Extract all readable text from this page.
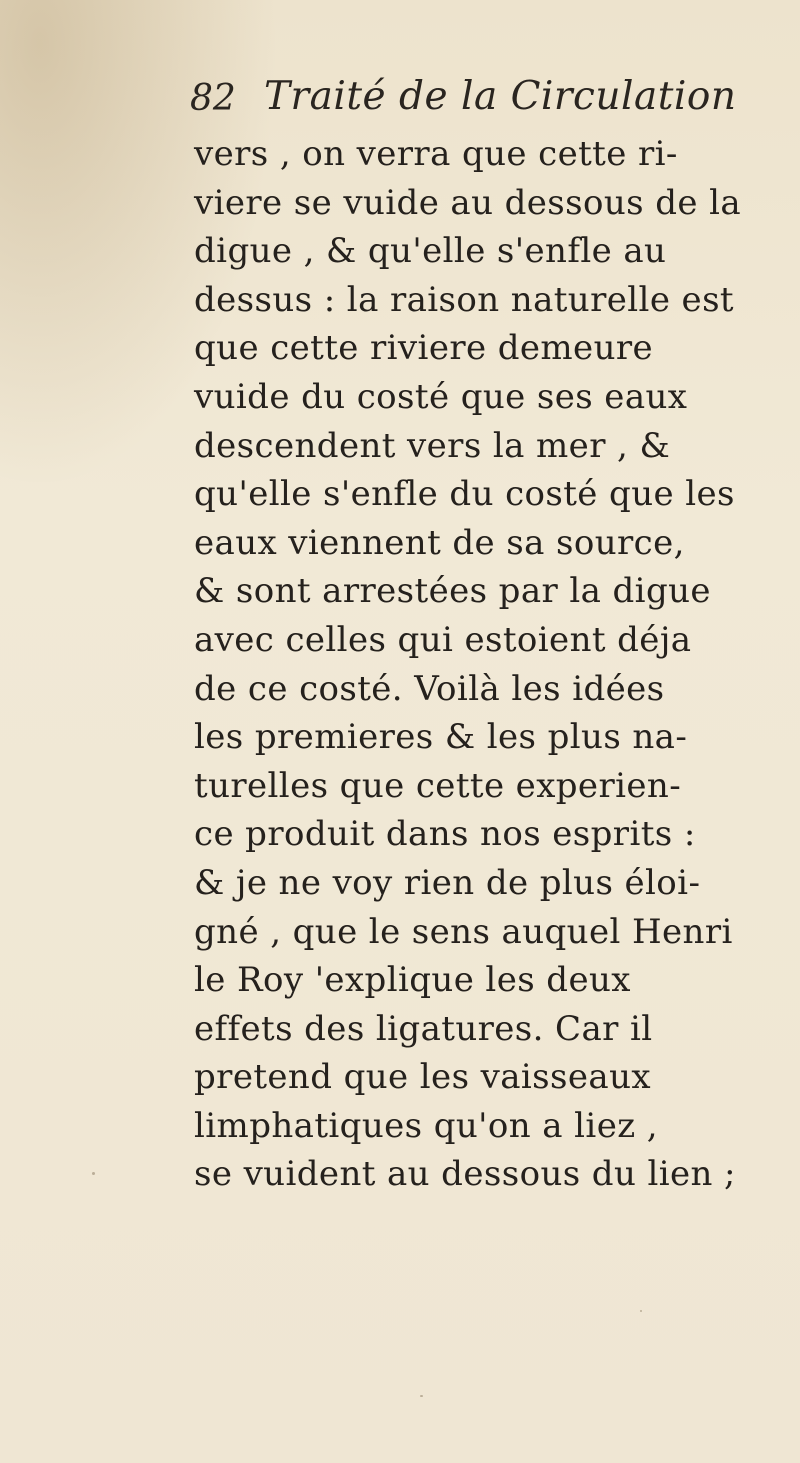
82 Traité de la Circulation
vers , on verra que cette ri-
viere se vuide au dessous de la
digue , & qu'elle s'enfle au
dessus : la raison naturelle est
que cette riviere demeure
vuide du costé que ses eaux
descendent vers la mer , &
qu'elle s'enfle du costé que les
eaux viennent de sa source,
& sont arrestées par la digue
avec celles qui estoient déja
de ce costé. Voilà les idées
les premieres & les plus na-
turelles que cette experien-
ce produit dans nos esprits :
& je ne voy rien de plus éloi-
gné , que le sens auquel Henri
le Roy 'explique les deux
effets des ligatures. Car il
pretend que les vaisseaux
limphatiques qu'on a liez ,
se vuident au dessous du lien ;
